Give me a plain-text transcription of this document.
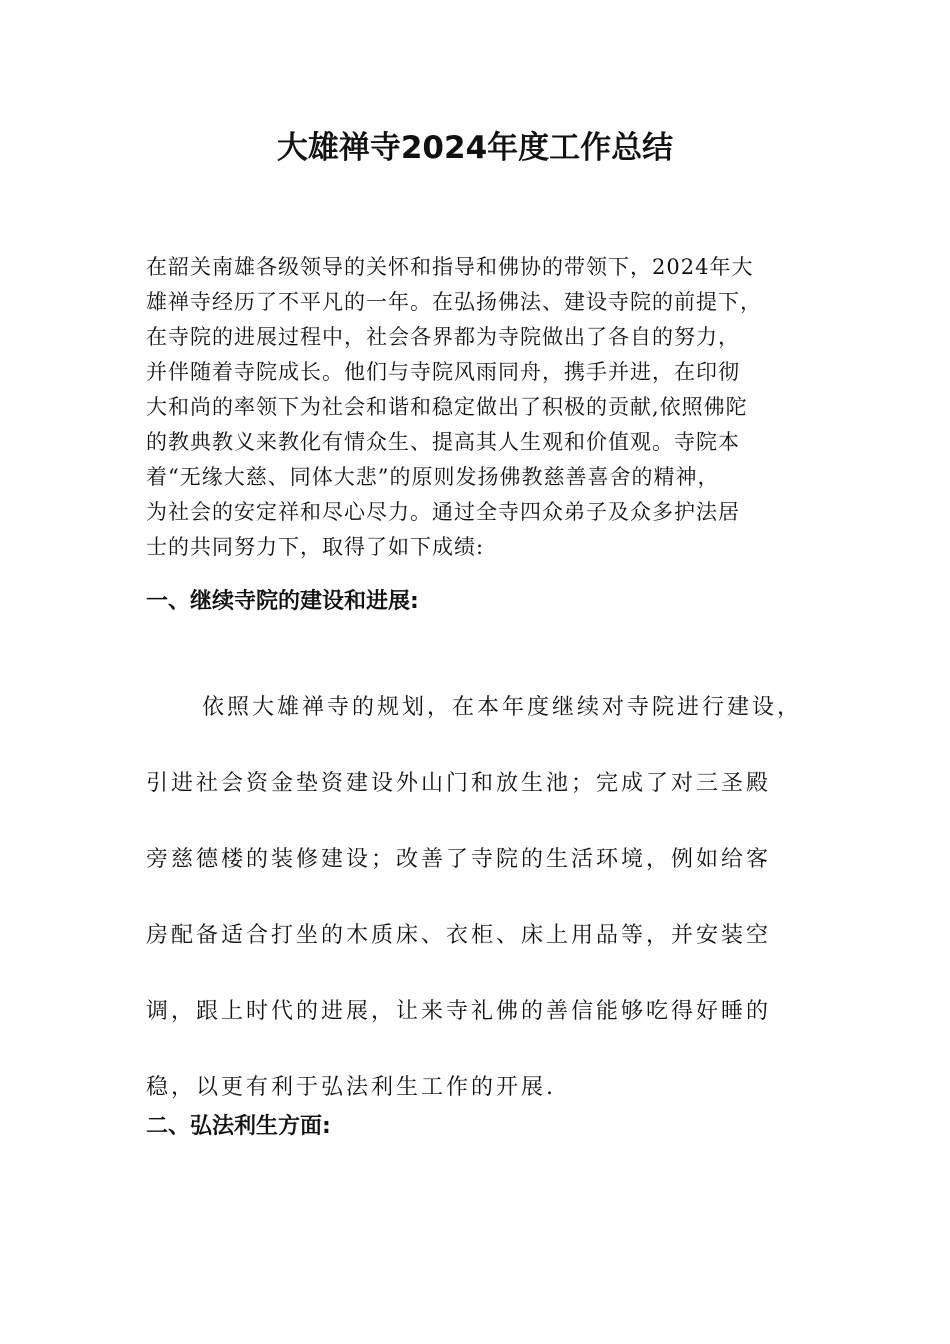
大雄禅寺2024年度工作总结
在韶关南雄各级领导的关怀和指导和佛协的带领下，2024年大
雄禅寺经历了不平凡的一年。在弘扬佛法、建设寺院的前提下，
在寺院的进展过程中，社会各界都为寺院做出了各自的努力，
并伴随着寺院成长。他们与寺院风雨同舟，携手并进，在印彻
大和尚的率领下为社会和谐和稳定做出了积极的贡献,依照佛陀
的教典教义来教化有情众生、提高其人生观和价值观。寺院本
着“无缘大慈、同体大悲”的原则发扬佛教慈善喜舍的精神，
为社会的安定祥和尽心尽力。通过全寺四众弟子及众多护法居
士的共同努力下，取得了如下成绩:
一、继续寺院的建设和进展:
依照大雄禅寺的规划，在本年度继续对寺院进行建设，
引进社会资金垫资建设外山门和放生池；完成了对三圣殿
旁慈德楼的装修建设；改善了寺院的生活环境，例如给客
房配备适合打坐的木质床、衣柜、床上用品等，并安装空
调，跟上时代的进展，让来寺礼佛的善信能够吃得好睡的
稳，以更有利于弘法利生工作的开展.
二、弘法利生方面:
